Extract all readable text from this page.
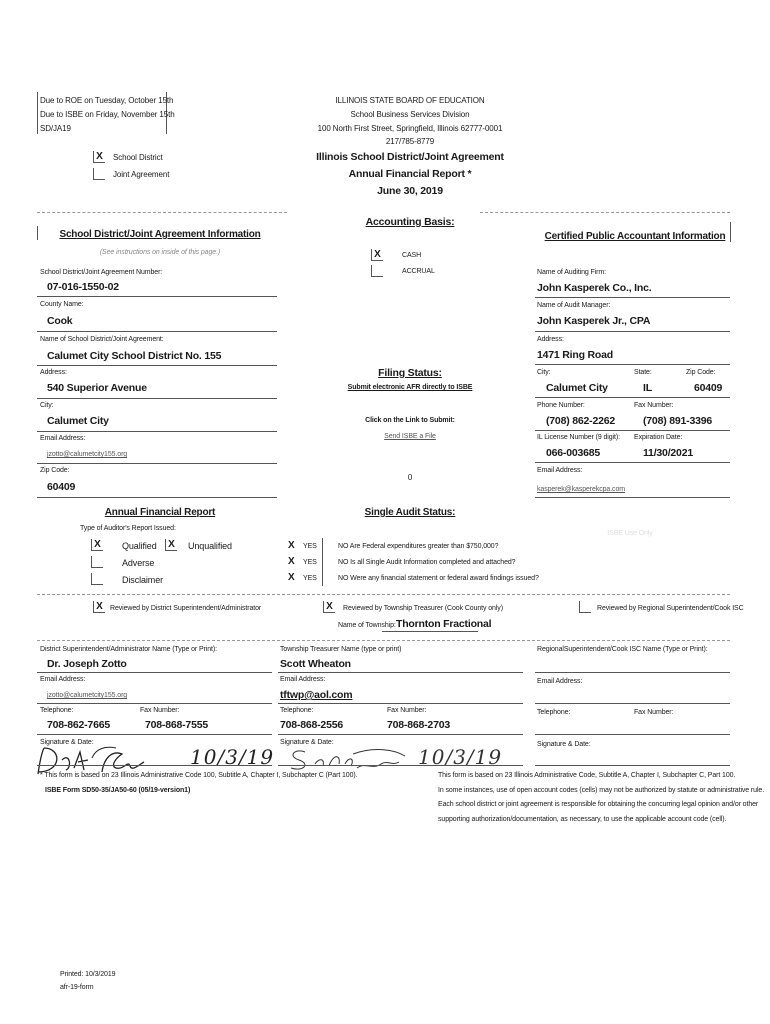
Due to ROE on Tuesday, October 15th
Due to ISBE on Friday, November 15th
SD/JA19
ILLINOIS STATE BOARD OF EDUCATION
School Business Services Division
100 North First Street, Springfield, Illinois 62777-0001
217/785-8779
Illinois School District/Joint Agreement
Annual Financial Report *
June 30, 2019
X School District
Joint Agreement
School District/Joint Agreement Information
(See instructions on inside of this page.)
School District/Joint Agreement Number:
07-016-1550-02
County Name:
Cook
Name of School District/Joint Agreement:
Calumet City School District No. 155
Address:
540 Superior Avenue
City:
Calumet City
Email Address:
jzotto@calumetcity155.org
Zip Code:
60409
Accounting Basis:
X	CASH
ACCRUAL
Filing Status:
Submit electronic AFR directly to ISBE
Click on the Link to Submit:
Send ISBE a File
0
Certified Public Accountant Information
Name of Auditing Firm:
John Kasperek Co., Inc.
Name of Audit Manager:
John Kasperek Jr., CPA
Address:
1471 Ring Road
City:	State:	Zip Code:
Calumet City	IL	60409
Phone Number:	Fax Number:
(708) 862-2262	(708) 891-3396
IL License Number (9 digit): Expiration Date:
066-003685	11/30/2021
Email Address:
kasperek@kasperekcpa.com
Annual Financial Report
Type of Auditor's Report Issued:
X Qualified	X Unqualified
Adverse
Disclaimer
Single Audit Status:
X YES	NO Are Federal expenditures greater than $750,000?
X YES	NO Is all Single Audit Information completed and attached?
X YES	NO Were any financial statement or federal award findings issued?
ISBE Use Only
X	Reviewed by District Superintendent/Administrator	X	Reviewed by Township Treasurer (Cook County only)
Name of Township: Thornton Fractional
Reviewed by Regional Superintendent/Cook ISC
District Superintendent/Administrator Name (Type or Print):
Dr. Joseph Zotto
Email Address:
jzotto@calumetcity155.org
Telephone:	Fax Number:
708-862-7665	708-868-7555
Signature & Date:
10/3/19
Township Treasurer Name (type or print)
Scott Wheaton
Email Address:
tftwp@aol.com
Telephone:	Fax Number:
708-868-2556	708-868-2703
Signature & Date:
10/3/19
RegionalSuperintendent/Cook ISC Name (Type or Print):
Email Address:
Telephone:	Fax Number:
Signature & Date:
* This form is based on 23 Illinois Administrative Code 100, Subtitle A, Chapter I, Subchapter C (Part 100).
ISBE Form SD50-35/JA50-60 (05/19-version1)
This form is based on 23 Illinois Administrative Code, Subtitle A, Chapter I, Subchapter C, Part 100.
In some instances, use of open account codes (cells) may not be authorized by statute or administrative rule.
Each school district or joint agreement is responsible for obtaining the concurring legal opinion and/or other
supporting authorization/documentation, as necessary, to use the applicable account code (cell).
Printed: 10/3/2019
afr-19-form
